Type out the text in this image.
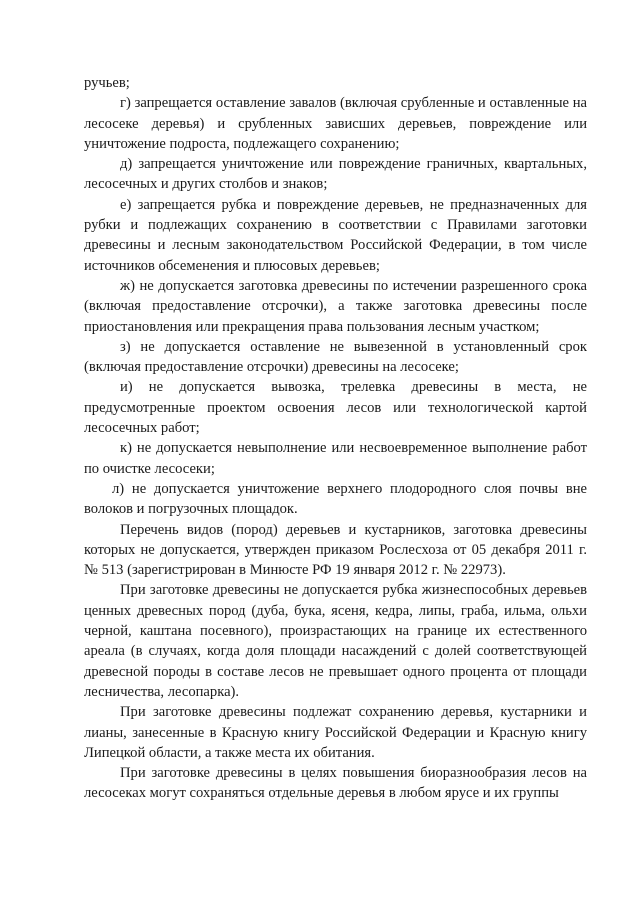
ручьев;

г) запрещается оставление завалов (включая срубленные и оставленные на лесосеке деревья) и срубленных зависших деревьев, повреждение или уничтожение подроста, подлежащего сохранению;

д) запрещается уничтожение или повреждение граничных, квартальных, лесосечных и других столбов и знаков;

е) запрещается рубка и повреждение деревьев, не предназначенных для рубки и подлежащих сохранению в соответствии с Правилами заготовки древесины и лесным законодательством Российской Федерации, в том числе источников обсеменения и плюсовых деревьев;

ж) не допускается заготовка древесины по истечении разрешенного срока (включая предоставление отсрочки), а также заготовка древесины после приостановления или прекращения права пользования лесным участком;

з) не допускается оставление не вывезенной в установленный срок (включая предоставление отсрочки) древесины на лесосеке;

и) не допускается вывозка, трелевка древесины в места, не предусмотренные проектом освоения лесов или технологической картой лесосечных работ;

к) не допускается невыполнение или несвоевременное выполнение работ по очистке лесосеки;

л) не допускается уничтожение верхнего плодородного слоя почвы вне волоков и погрузочных площадок.

Перечень видов (пород) деревьев и кустарников, заготовка древесины которых не допускается, утвержден приказом Рослесхоза от 05 декабря 2011 г. № 513 (зарегистрирован в Минюсте РФ 19 января 2012 г. № 22973).

При заготовке древесины не допускается рубка жизнеспособных деревьев ценных древесных пород (дуба, бука, ясеня, кедра, липы, граба, ильма, ольхи черной, каштана посевного), произрастающих на границе их естественного ареала (в случаях, когда доля площади насаждений с долей соответствующей древесной породы в составе лесов не превышает одного процента от площади лесничества, лесопарка).

При заготовке древесины подлежат сохранению деревья, кустарники и лианы, занесенные в Красную книгу Российской Федерации и Красную книгу Липецкой области, а также места их обитания.

При заготовке древесины в целях повышения биоразнообразия лесов на лесосеках могут сохраняться отдельные деревья в любом ярусе и их группы
